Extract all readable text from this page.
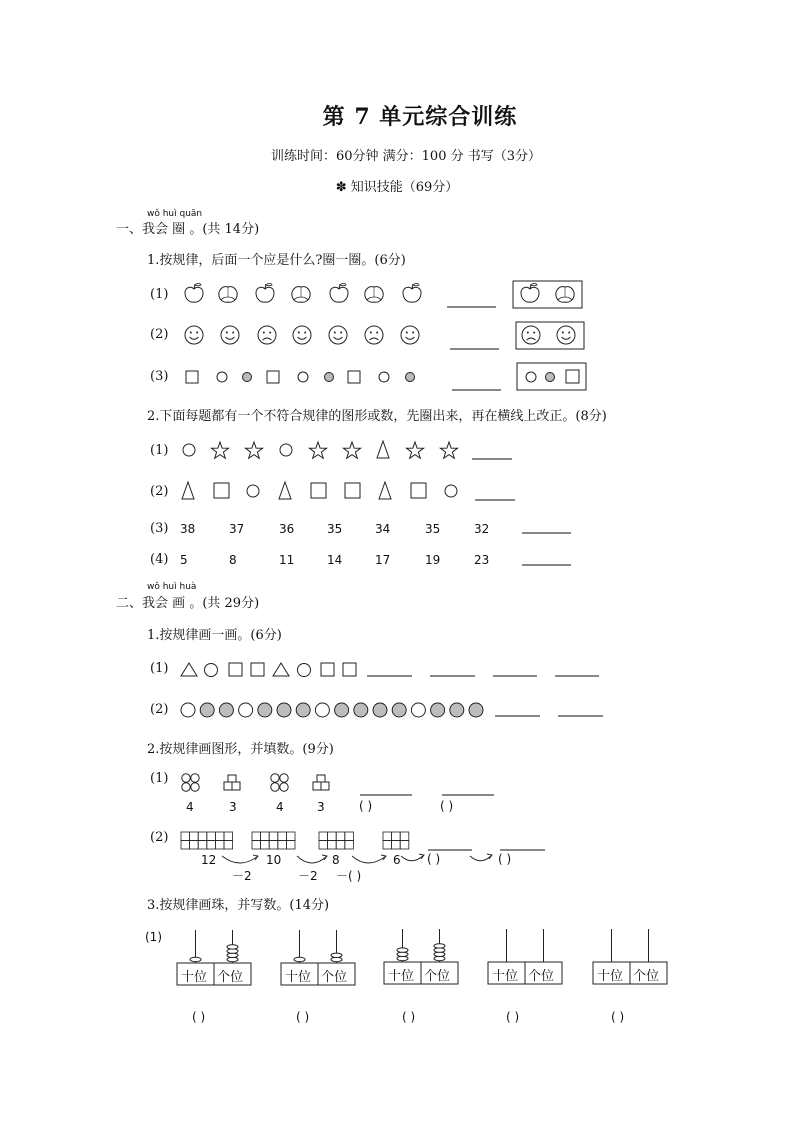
第 7 单元综合训练
训练时间：60分钟 满分：100 分 书写（3分）
✽ 知识技能（69分）
wǒ huì quān
一、我会 圈 。(共 14分)
1.按规律，后面一个应是什么?圈一圈。(6分)
(1)
(2)
(3)
2.下面每题都有一个不符合规律的图形或数，先圈出来，再在横线上改正。(8分)
(1)
(2)
(3)
(4)
38	37	36	35	34	35	32
5	8	11	14	17	19	23
wǒ huì huà
二、我会 画 。(共 29分)
1.按规律画一画。(6分)
(1)
(2)
2.按规律画图形，并填数。(9分)
(1)
(2)
4	3	4	3	( )	( )
12	10	8	6 ( )	( )
－2	－2 －( )
3.按规律画珠，并写数。(14分)
(1)
十位 个位
( )
十位 个位
( )
十位 个位
( )
十位 个位
( )
十位 个位
( )
